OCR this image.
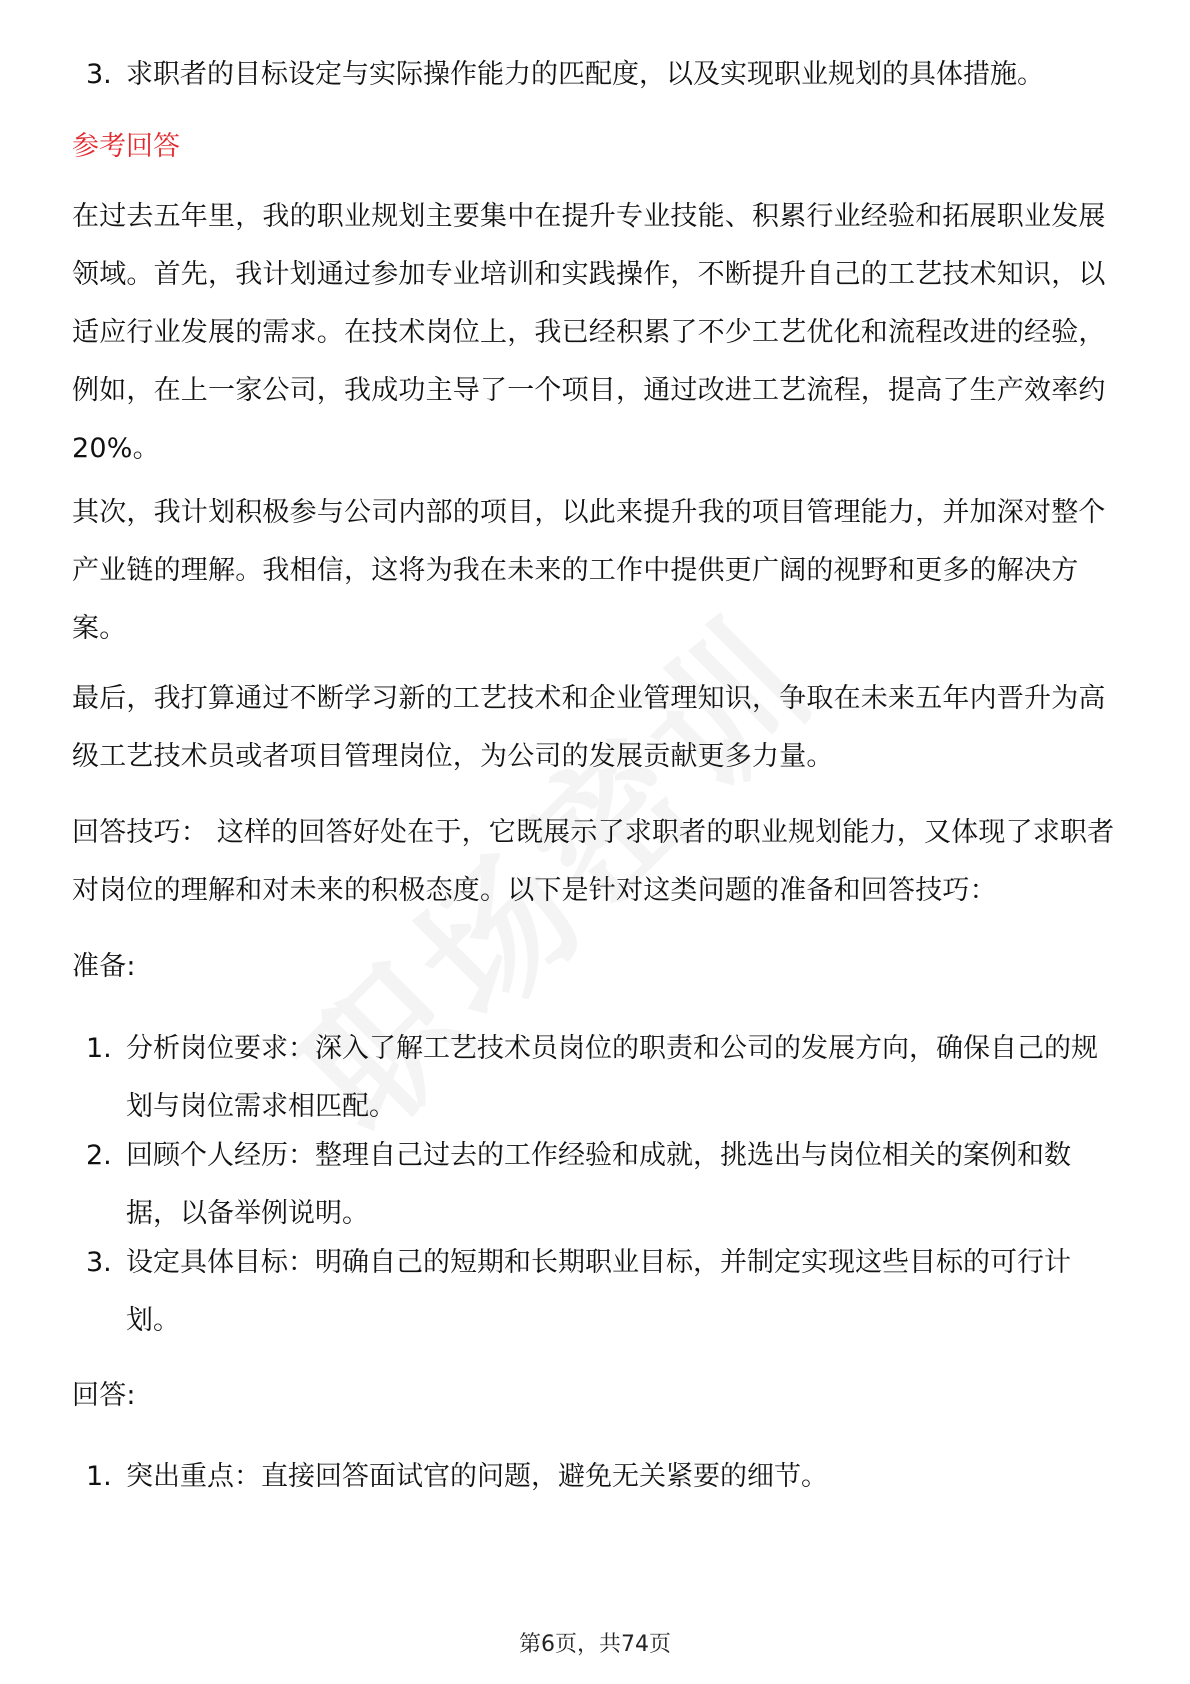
3. 求职者的目标设定与实际操作能力的匹配度，以及实现职业规划的具体措施。

参考回答

在过去五年里，我的职业规划主要集中在提升专业技能、积累行业经验和拓展职业发展领域。首先，我计划通过参加专业培训和实践操作，不断提升自己的工艺技术知识，以适应行业发展的需求。在技术岗位上，我已经积累了不少工艺优化和流程改进的经验，例如，在上一家公司，我成功主导了一个项目，通过改进工艺流程，提高了生产效率约20%。

其次，我计划积极参与公司内部的项目，以此来提升我的项目管理能力，并加深对整个产业链的理解。我相信，这将为我在未来的工作中提供更广阔的视野和更多的解决方案。

最后，我打算通过不断学习新的工艺技术和企业管理知识，争取在未来五年内晋升为高级工艺技术员或者项目管理岗位，为公司的发展贡献更多力量。

回答技巧： 这样的回答好处在于，它既展示了求职者的职业规划能力，又体现了求职者对岗位的理解和对未来的积极态度。以下是针对这类问题的准备和回答技巧：

准备:

1. 分析岗位要求：深入了解工艺技术员岗位的职责和公司的发展方向，确保自己的规划与岗位需求相匹配。
2. 回顾个人经历：整理自己过去的工作经验和成就，挑选出与岗位相关的案例和数据，以备举例说明。
3. 设定具体目标：明确自己的短期和长期职业目标，并制定实现这些目标的可行计划。

回答:

1. 突出重点：直接回答面试官的问题，避免无关紧要的细节。
第6页，共74页
